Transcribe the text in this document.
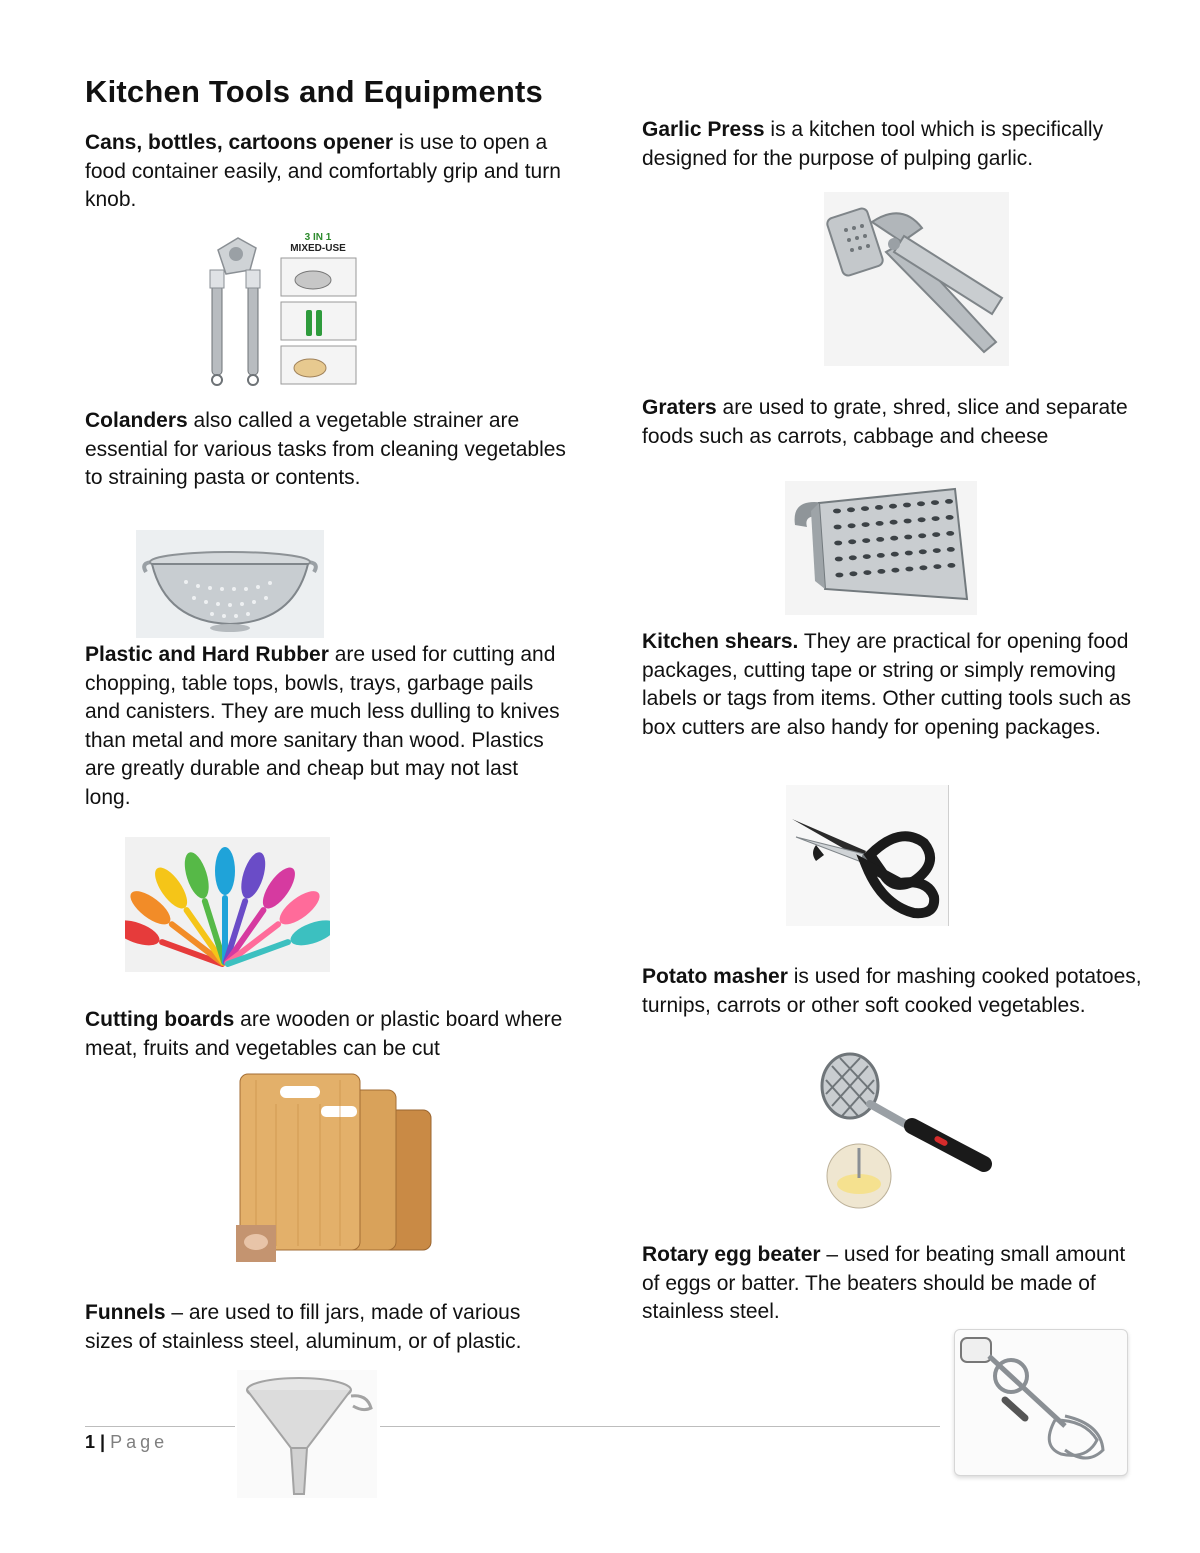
Kitchen Tools and Equipments

Cans, bottles, cartoons opener is use to open a food container easily, and comfortably grip and turn knob.

3 IN 1
MIXED-USE

Colanders also called a vegetable strainer are essential for various tasks from cleaning vegetables to straining pasta or contents.

Plastic and Hard Rubber are used for cutting and chopping, table tops, bowls, trays, garbage pails and canisters. They are much less dulling to knives than metal and more sanitary than wood. Plastics are greatly durable and cheap but may not last long.

Cutting boards are wooden or plastic board where meat, fruits and vegetables can be cut

Funnels – are used to fill jars, made of various sizes of stainless steel, aluminum, or of plastic.

Garlic Press is a kitchen tool which is specifically designed for the purpose of pulping garlic.

Graters are used to grate, shred, slice and separate foods such as carrots, cabbage and cheese

Kitchen shears. They are practical for opening food packages, cutting tape or string or simply removing labels or tags from items. Other cutting tools such as box cutters are also handy for opening packages.

Potato masher is used for mashing cooked potatoes, turnips, carrots or other soft cooked vegetables.

Rotary egg beater – used for beating small amount of eggs or batter. The beaters should be made of stainless steel.

1 | Page
